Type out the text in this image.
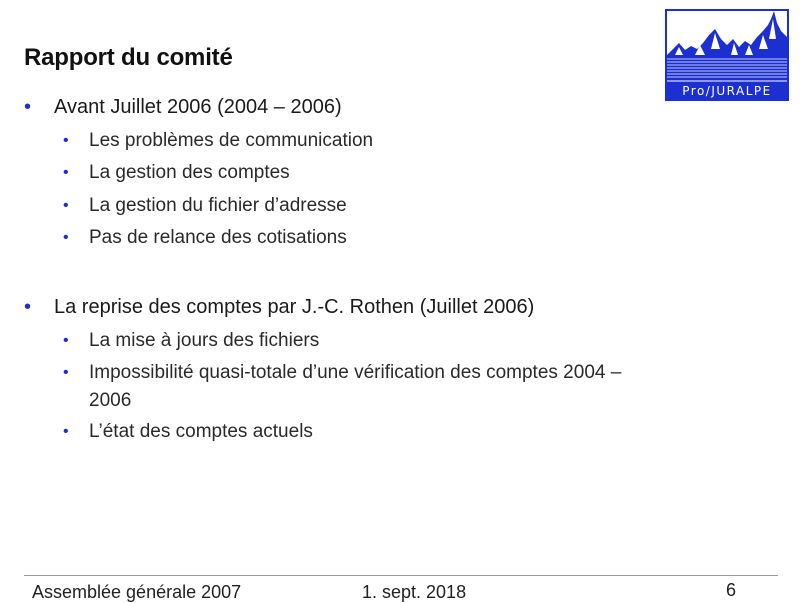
Rapport du comité
Pro/JURALPE
• Avant Juillet 2006 (2004 – 2006)
• Les problèmes de communication
• La gestion des comptes
• La gestion du fichier d’adresse
• Pas de relance des cotisations
• La reprise des comptes par J.-C. Rothen (Juillet 2006)
• La mise à jours des fichiers
• Impossibilité quasi-totale d’une vérification des comptes 2004 –
2006
• L’état des comptes actuels
Assemblée générale 2007	1. sept. 2018	6
